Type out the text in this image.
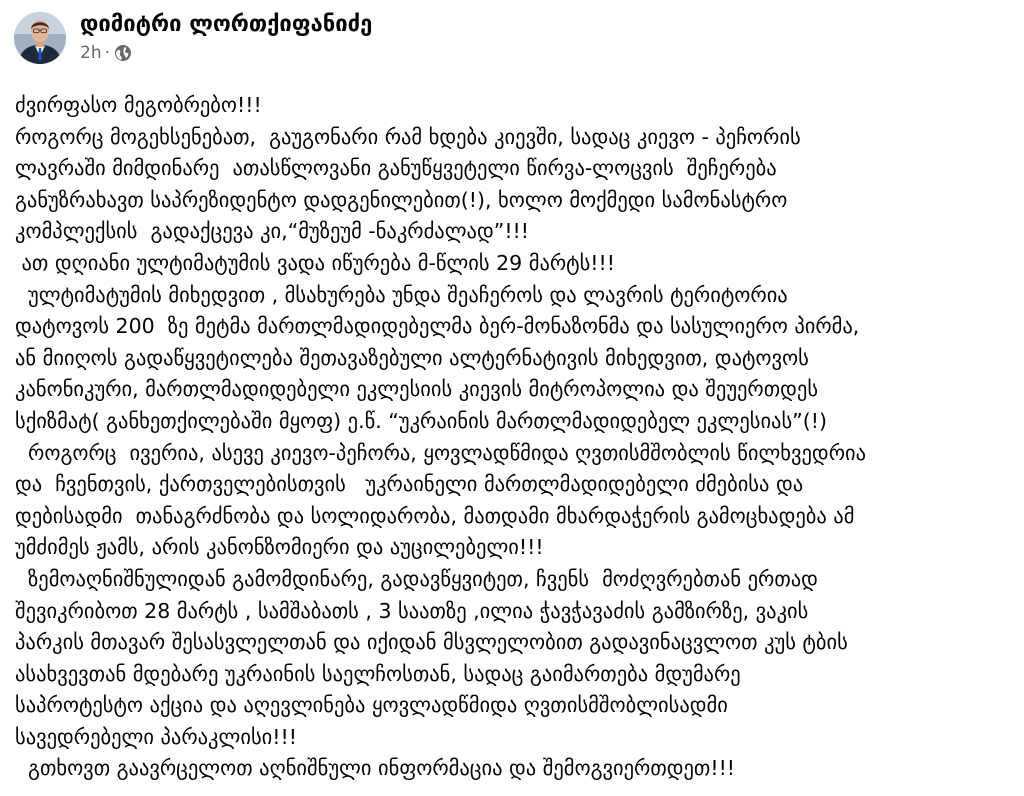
დიმიტრი ლორთქიფანიძე
2h ·
ძვირფასო მეგობრებო!!!
როგორც მოგეხსენებათ,  გაუგონარი რამ ხდება კიევში, სადაც კიევო - პეჩორის
ლავრაში მიმდინარე  ათასწლოვანი განუწყვეტელი წირვა-ლოცვის  შეჩერება
განუზრახავთ საპრეზიდენტო დადგენილებით(!), ხოლო მოქმედი სამონასტრო
კომპლექსის  გადაქცევა კი,“მუზეუმ -ნაკრძალად”!!!
ათ დღიანი ულტიმატუმის ვადა იწურება მ-წლის 29 მარტს!!!
ულტიმატუმის მიხედვით , მსახურება უნდა შეაჩეროს და ლავრის ტერიტორია
დატოვოს 200  ზე მეტმა მართლმადიდებელმა ბერ-მონაზონმა და სასულიერო პირმა,
ან მიიღოს გადაწყვეტილება შეთავაზებული ალტერნატივის მიხედვით, დატოვოს
კანონიკური, მართლმადიდებელი ეკლესიის კიევის მიტროპოლია და შეუერთდეს
სქიზმატ( განხეთქილებაში მყოფ) ე.წ. “უკრაინის მართლმადიდებელ ეკლესიას”(!)
როგორც  ივერია, ასევე კიევო-პეჩორა, ყოვლადწმიდა ღვთისმშობლის წილხვედრია
და  ჩვენთვის, ქართველებისთვის   უკრაინელი მართლმადიდებელი ძმებისა და
დებისადმი  თანაგრძნობა და სოლიდარობა, მათდამი მხარდაჭერის გამოცხადება ამ
უმძიმეს ჟამს, არის კანონზომიერი და აუცილებელი!!!
ზემოაღნიშნულიდან გამომდინარე, გადავწყვიტეთ, ჩვენს  მოძღვრებთან ერთად
შევიკრიბოთ 28 მარტს , სამშაბათს , 3 საათზე ,ილია ჭავჭავაძის გამზირზე, ვაკის
პარკის მთავარ შესასვლელთან და იქიდან მსვლელობით გადავინაცვლოთ კუს ტბის
ასახვევთან მდებარე უკრაინის საელჩოსთან, სადაც გაიმართება მდუმარე
საპროტესტო აქცია და აღევლინება ყოვლადწმიდა ღვთისმშობლისადმი
სავედრებელი პარაკლისი!!!
გთხოვთ გაავრცელოთ აღნიშნული ინფორმაცია და შემოგვიერთდეთ!!!
